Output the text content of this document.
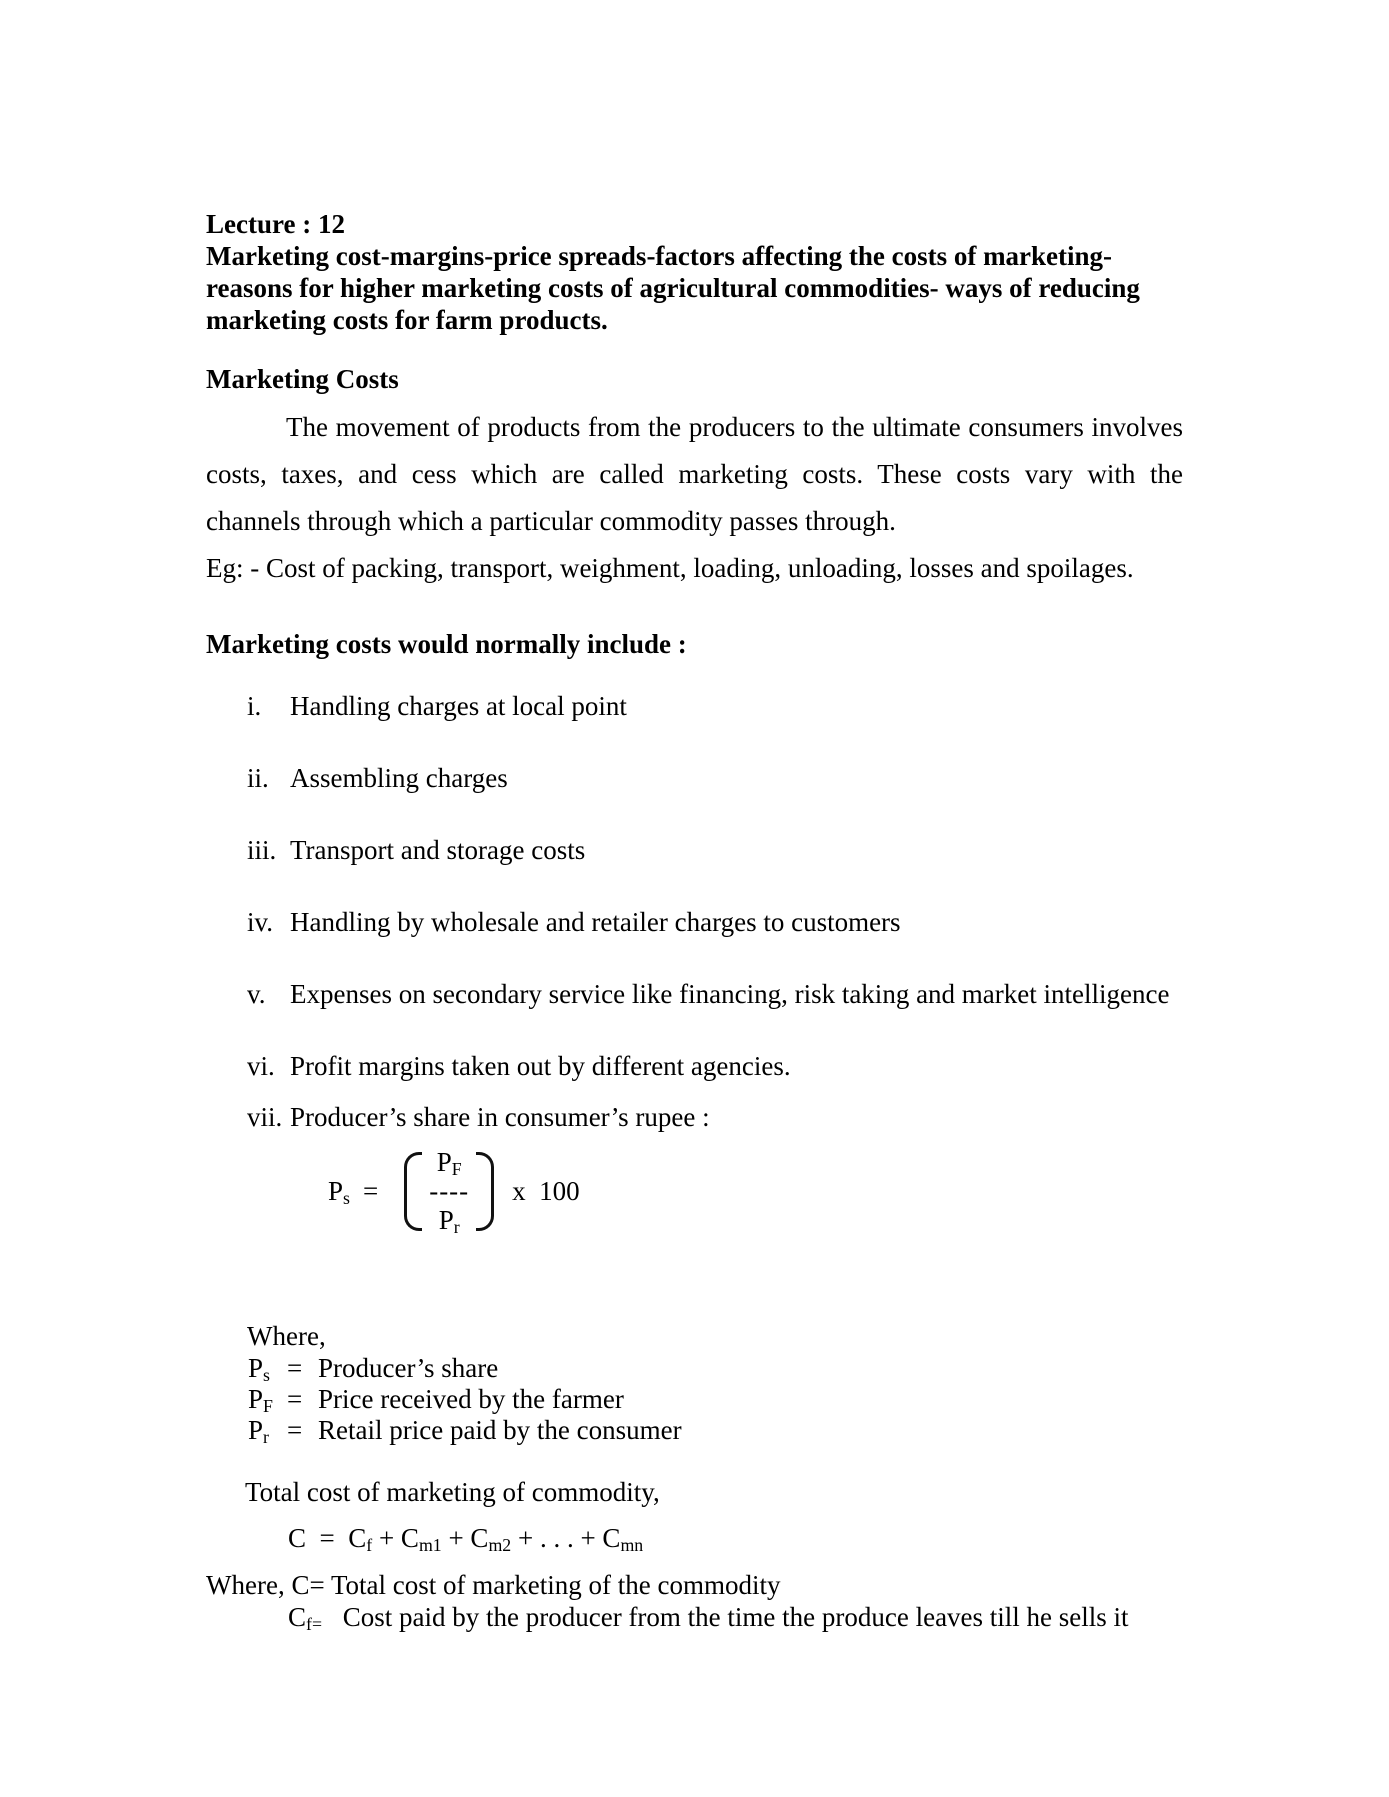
Lecture : 12
Marketing cost-margins-price spreads-factors affecting the costs of marketing-
reasons for higher marketing costs of agricultural commodities- ways of reducing
marketing costs for farm products.
Marketing Costs
The movement of products from the producers to the ultimate consumers involves
costs, taxes, and cess which are called marketing costs. These costs vary with the
channels through which a particular commodity passes through.
Eg: - Cost of packing, transport, weighment, loading, unloading, losses and spoilages.
Marketing costs would normally include :
i.	Handling charges at local point
ii. Assembling charges
iii. Transport and storage costs
iv. Handling by wholesale and retailer charges to customers
v. Expenses on secondary service like financing, risk taking and market intelligence
vi. Profit margins taken out by different agencies.
vii. Producer’s share in consumer’s rupee :
$P_s$ =
$P_F$
----
$P_r$
x  100
Where,
$P_s$ = Producer’s share
$P_F$ = Price received by the farmer
$P_r$ = Retail price paid by the consumer
Total cost of marketing of commodity,
$C = C_f + C_{m1} + C_{m2}$ + . . . + $C_{mn}$
Where, C= Total cost of marketing of the commodity
$C_{f=}$ Cost paid by the producer from the time the produce leaves till he sells it
